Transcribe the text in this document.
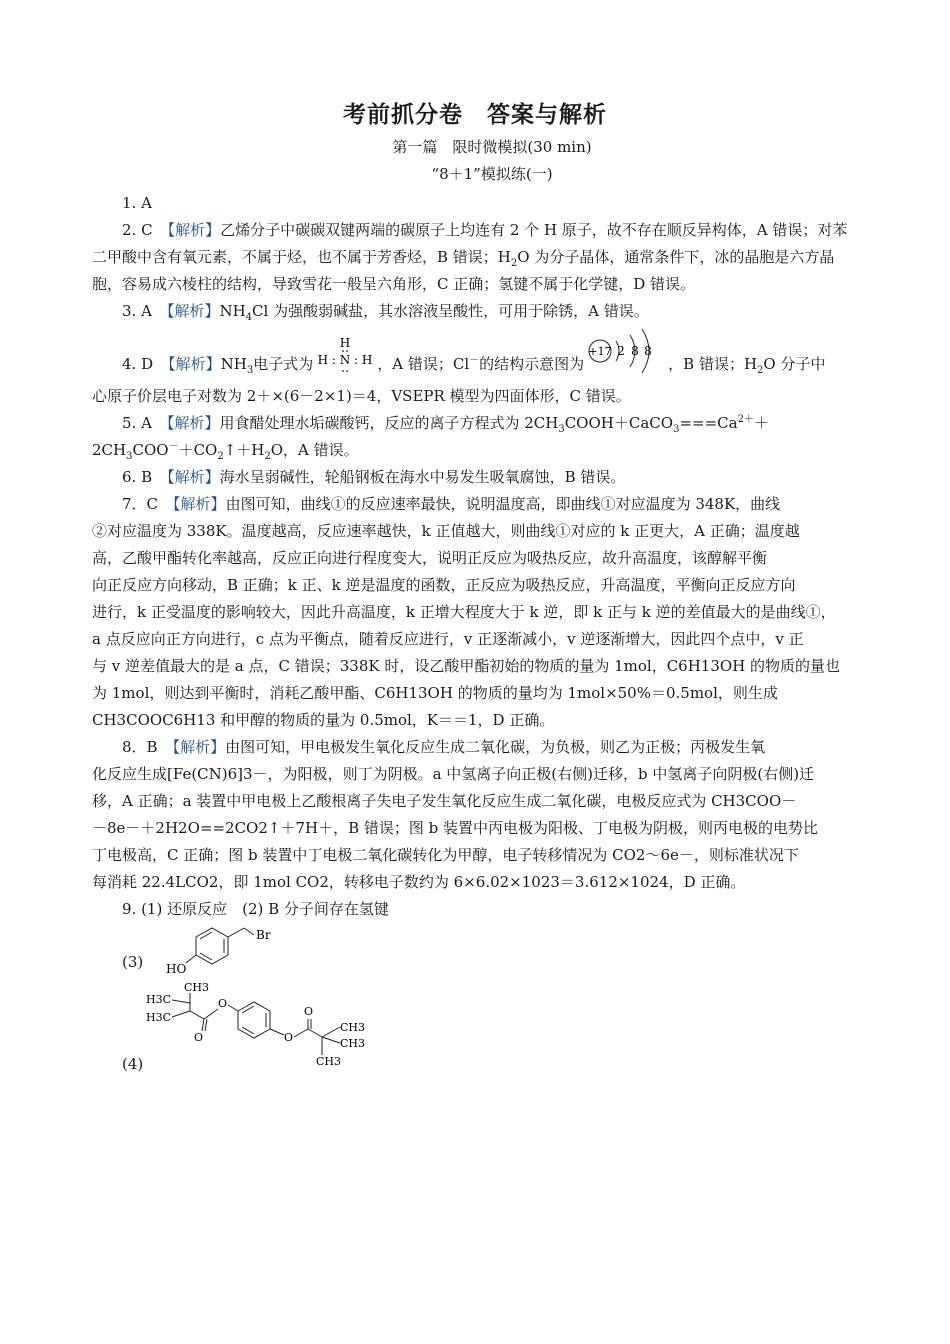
考前抓分卷　答案与解析
第一篇　限时微模拟(30 min)
“8＋1”模拟练(一)

1. A

2. C　 【解析】乙烯分子中碳碳双键两端的碳原子上均连有 2 个 H 原子，故不存在顺反异构体，A 错误；对苯二甲酸中含有氧元素，不属于烃，也不属于芳香烃，B 错误；$H_2O$ 为分子晶体，通常条件下，冰的晶胞是六方晶胞，容易成六棱柱的结构，导致雪花一般呈六角形，C 正确；氢键不属于化学键，D 错误。

3. A　 【解析】$NH_4Cl$ 为强酸弱碱盐，其水溶液呈酸性，可用于除锈，A 错误。

4. D　 【解析】$NH_3$电子式为
H
H : N : H ，A 错误；Cl－的结构示意图为
+17 2 8 8
，B 错误；$H_2O$ 分子中

心原子价层电子对数为 2＋×(6－2×1)＝4，VSEPR 模型为四面体形，C 错误。

5. A　 【解析】用食醋处理水垢碳酸钙，反应的离子方程式为 $2CH_3COOH+CaCO_3===Ca^{2+}+$

$2CH_3COO^-+CO_2↑+H_2O$，A 错误。

6. B　 【解析】海水呈弱碱性，轮船钢板在海水中易发生吸氧腐蚀，B 错误。

7．C　 【解析】由图可知，曲线①的反应速率最快，说明温度高，即曲线①对应温度为 348K，曲线

②对应温度为 338K。温度越高，反应速率越快，k 正值越大，则曲线①对应的 k 正更大，A 正确；温度越

高，乙酸甲酯转化率越高，反应正向进行程度变大，说明正反应为吸热反应，故升高温度，该醇解平衡

向正反应方向移动，B 正确；k 正、k 逆是温度的函数，正反应为吸热反应，升高温度，平衡向正反应方向

进行，k 正受温度的影响较大，因此升高温度，k 正增大程度大于 k 逆，即 k 正与 k 逆的差值最大的是曲线①，

a 点反应向正方向进行，c 点为平衡点，随着反应进行，v 正逐渐减小，v 逆逐渐增大，因此四个点中，v 正

与 v 逆差值最大的是 a 点，C 错误；338K 时，设乙酸甲酯初始的物质的量为 1mol，C6H13OH 的物质的量也

为 1mol，则达到平衡时，消耗乙酸甲酯、C6H13OH 的物质的量均为 1mol×50%＝0.5mol，则生成

CH3COOC6H13 和甲醇的物质的量为 0.5mol，K＝＝1，D 正确。

8．B　 【解析】由图可知，甲电极发生氧化反应生成二氧化碳，为负极，则乙为正极；丙极发生氧

化反应生成[Fe(CN)6]3－，为阳极，则丁为阴极。a 中氢离子向正极(右侧)迁移，b 中氢离子向阴极(右侧)迁

移，A 正确；a 装置中甲电极上乙酸根离子失电子发生氧化反应生成二氧化碳，电极反应式为 CH3COO－

－8e－＋2H2O==2CO2↑＋7H＋，B 错误；图 b 装置中丙电极为阳极、丁电极为阴极，则丙电极的电势比

丁电极高，C 正确；图 b 装置中丁电极二氧化碳转化为甲醇，电子转移情况为 CO2～6e－，则标准状况下

每消耗 22.4LCO2，即 1mol CO2，转移电子数约为 6×6.02×1023＝3.612×1024，D 正确。

9. (1) 还原反应　(2) B 分子间存在氢键

(3)
Br
HO
CH3
H3C
H3C
O
O
O
O
CH3
CH3
CH3
(4)
